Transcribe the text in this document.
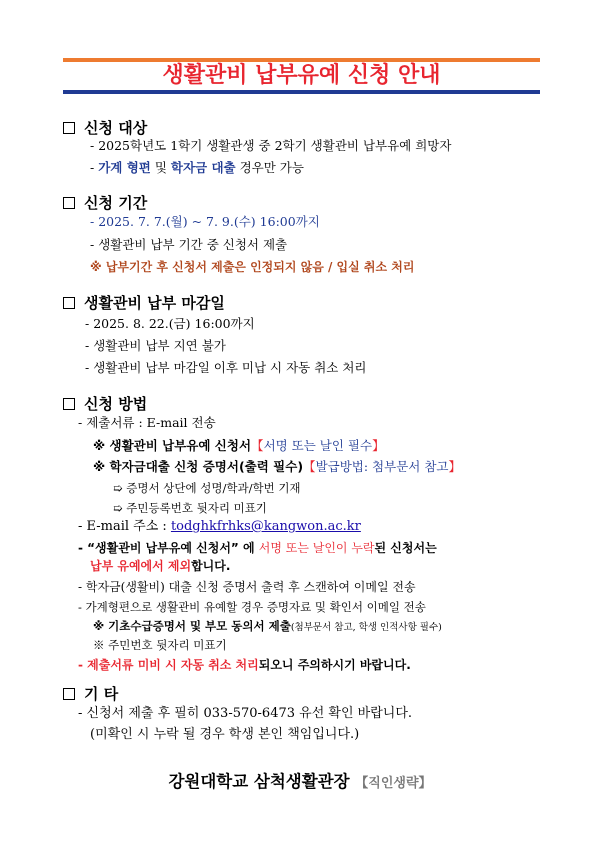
생활관비 납부유예 신청 안내
신청 대상
- 2025학년도 1학기 생활관생 중 2학기 생활관비 납부유예 희망자
- 가계 형편 및 학자금 대출 경우만 가능
신청 기간
- 2025. 7. 7.(월) ~ 7. 9.(수) 16:00까지
- 생활관비 납부 기간 중 신청서 제출
※ 납부기간 후 신청서 제출은 인정되지 않음 / 입실 취소 처리
생활관비 납부 마감일
- 2025. 8. 22.(금) 16:00까지
- 생활관비 납부 지연 불가
- 생활관비 납부 마감일 이후 미납 시 자동 취소 처리
신청 방법
- 제출서류 : E-mail 전송
※ 생활관비 납부유예 신청서【서명 또는 날인 필수】
※ 학자금대출 신청 증명서(출력 필수)【발급방법: 첨부문서 참고】
➯ 증명서 상단에 성명/학과/학번 기재
➯ 주민등록번호 뒷자리 미표기
- E-mail 주소 : todghkfrhks@kangwon.ac.kr
- “생활관비 납부유예 신청서” 에 서명 또는 날인이 누락된 신청서는
납부 유예에서 제외합니다.
- 학자금(생활비) 대출 신청 증명서 출력 후 스캔하여 이메일 전송
- 가계형편으로 생활관비 유예할 경우 증명자료 및 확인서 이메일 전송
※ 기초수급증명서 및 부모 동의서 제출(첨부문서 참고, 학생 인적사항 필수)
※ 주민번호 뒷자리 미표기
- 제출서류 미비 시 자동 취소 처리되오니 주의하시기 바랍니다.
기 타
- 신청서 제출 후 필히 033-570-6473 유선 확인 바랍니다.
(미확인 시 누락 될 경우 학생 본인 책임입니다.)
강원대학교 삼척생활관장 【직인생략】
